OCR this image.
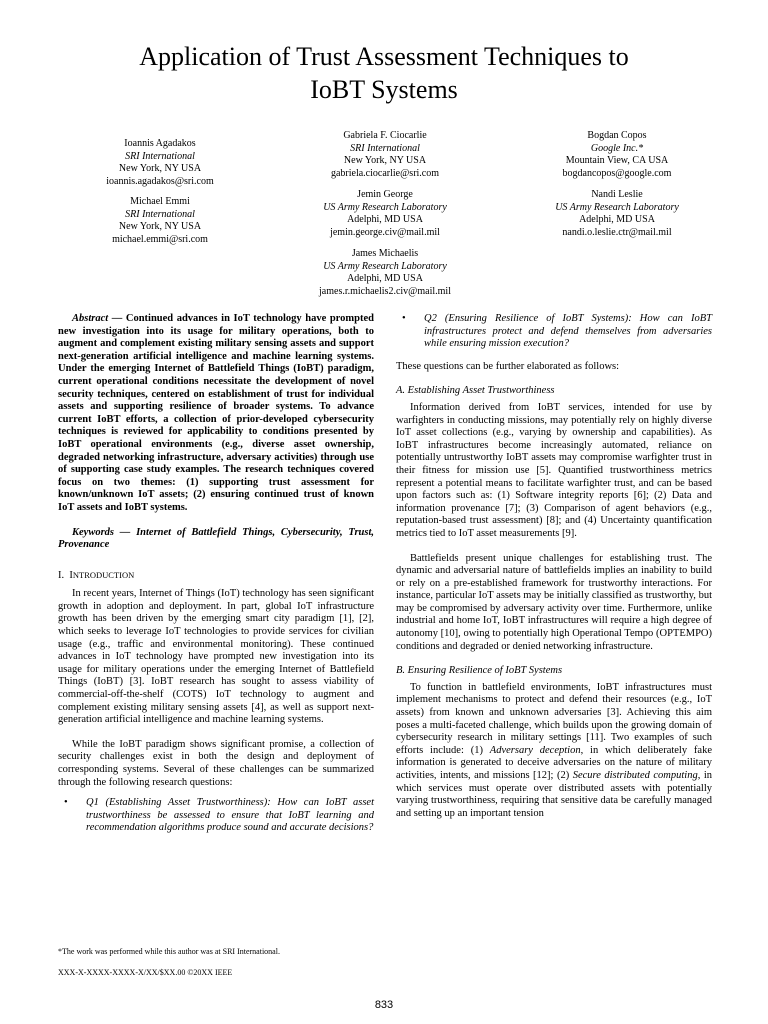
Application of Trust Assessment Techniques to
IoBT Systems
Ioannis Agadakos
SRI International
New York, NY USA
ioannis.agadakos@sri.com
Michael Emmi
SRI International
New York, NY USA
michael.emmi@sri.com
Gabriela F. Ciocarlie
SRI International
New York, NY USA
gabriela.ciocarlie@sri.com
Jemin George
US Army Research Laboratory
Adelphi, MD USA
jemin.george.civ@mail.mil
James Michaelis
US Army Research Laboratory
Adelphi, MD USA
james.r.michaelis2.civ@mail.mil
Bogdan Copos
Google Inc.*
Mountain View, CA USA
bogdancopos@google.com
Nandi Leslie
US Army Research Laboratory
Adelphi, MD USA
nandi.o.leslie.ctr@mail.mil

Abstract — Continued advances in IoT technology have prompted new investigation into its usage for military operations, both to augment and complement existing military sensing assets and support next-generation artificial intelligence and machine learning systems. Under the emerging Internet of Battlefield Things (IoBT) paradigm, current operational conditions necessitate the development of novel security techniques, centered on establishment of trust for individual assets and supporting resilience of broader systems. To advance current IoBT efforts, a collection of prior-developed cybersecurity techniques is reviewed for applicability to conditions presented by IoBT operational environments (e.g., diverse asset ownership, degraded networking infrastructure, adversary activities) through use of supporting case study examples. The research techniques covered focus on two themes: (1) supporting trust assessment for known/unknown IoT assets; (2) ensuring continued trust of known IoT assets and IoBT systems.

Keywords — Internet of Battlefield Things, Cybersecurity, Trust, Provenance

I. INTRODUCTION

In recent years, Internet of Things (IoT) technology has seen significant growth in adoption and deployment. In part, global IoT infrastructure growth has been driven by the emerging smart city paradigm [1], [2], which seeks to leverage IoT technologies to provide services for civilian usage (e.g., traffic and environmental monitoring). These continued advances in IoT technology have prompted new investigation into its usage for military operations under the emerging Internet of Battlefield Things (IoBT) [3]. IoBT research has sought to assess viability of commercial-off-the-shelf (COTS) IoT technology to augment and complement existing military sensing assets [4], as well as support next-generation artificial intelligence and machine learning systems.

While the IoBT paradigm shows significant promise, a collection of security challenges exist in both the design and deployment of corresponding systems. Several of these challenges can be summarized through the following research questions:

• Q1 (Establishing Asset Trustworthiness): How can IoBT asset trustworthiness be assessed to ensure that IoBT learning and recommendation algorithms produce sound and accurate decisions?

• Q2 (Ensuring Resilience of IoBT Systems): How can IoBT infrastructures protect and defend themselves from adversaries while ensuring mission execution?

These questions can be further elaborated as follows:

A. Establishing Asset Trustworthiness

Information derived from IoBT services, intended for use by warfighters in conducting missions, may potentially rely on highly diverse IoT asset collections (e.g., varying by ownership and capabilities). As IoBT infrastructures become increasingly automated, reliance on potentially untrustworthy IoBT assets may compromise warfighter trust in their fitness for mission use [5]. Quantified trustworthiness metrics represent a potential means to facilitate warfighter trust, and can be based upon factors such as: (1) Software integrity reports [6]; (2) Data and information provenance [7]; (3) Comparison of agent behaviors (e.g., reputation-based trust assessment) [8]; and (4) Uncertainty quantification metrics tied to IoT asset measurements [9].

Battlefields present unique challenges for establishing trust. The dynamic and adversarial nature of battlefields implies an inability to build or rely on a pre-established framework for trustworthy interactions. For instance, particular IoT assets may be initially classified as trustworthy, but may be compromised by adversary activity over time. Furthermore, unlike industrial and home IoT, IoBT infrastructures will require a high degree of autonomy [10], owing to potentially high Operational Tempo (OPTEMPO) conditions and degraded or denied networking infrastructure.

B. Ensuring Resilience of IoBT Systems

To function in battlefield environments, IoBT infrastructures must implement mechanisms to protect and defend their resources (e.g., IoT assets) from known and unknown adversaries [3]. Achieving this aim poses a multi-faceted challenge, which builds upon the growing domain of cybersecurity research in military settings [11]. Two examples of such efforts include: (1) Adversary deception, in which deliberately fake information is generated to deceive adversaries on the nature of military activities, intents, and missions [12]; (2) Secure distributed computing, in which services must operate over distributed assets with potentially varying trustworthiness, requiring that sensitive data be carefully managed and setting up an important tension

*The work was performed while this author was at SRI International.
XXX-X-XXXX-XXXX-X/XX/$XX.00 ©20XX IEEE
833
